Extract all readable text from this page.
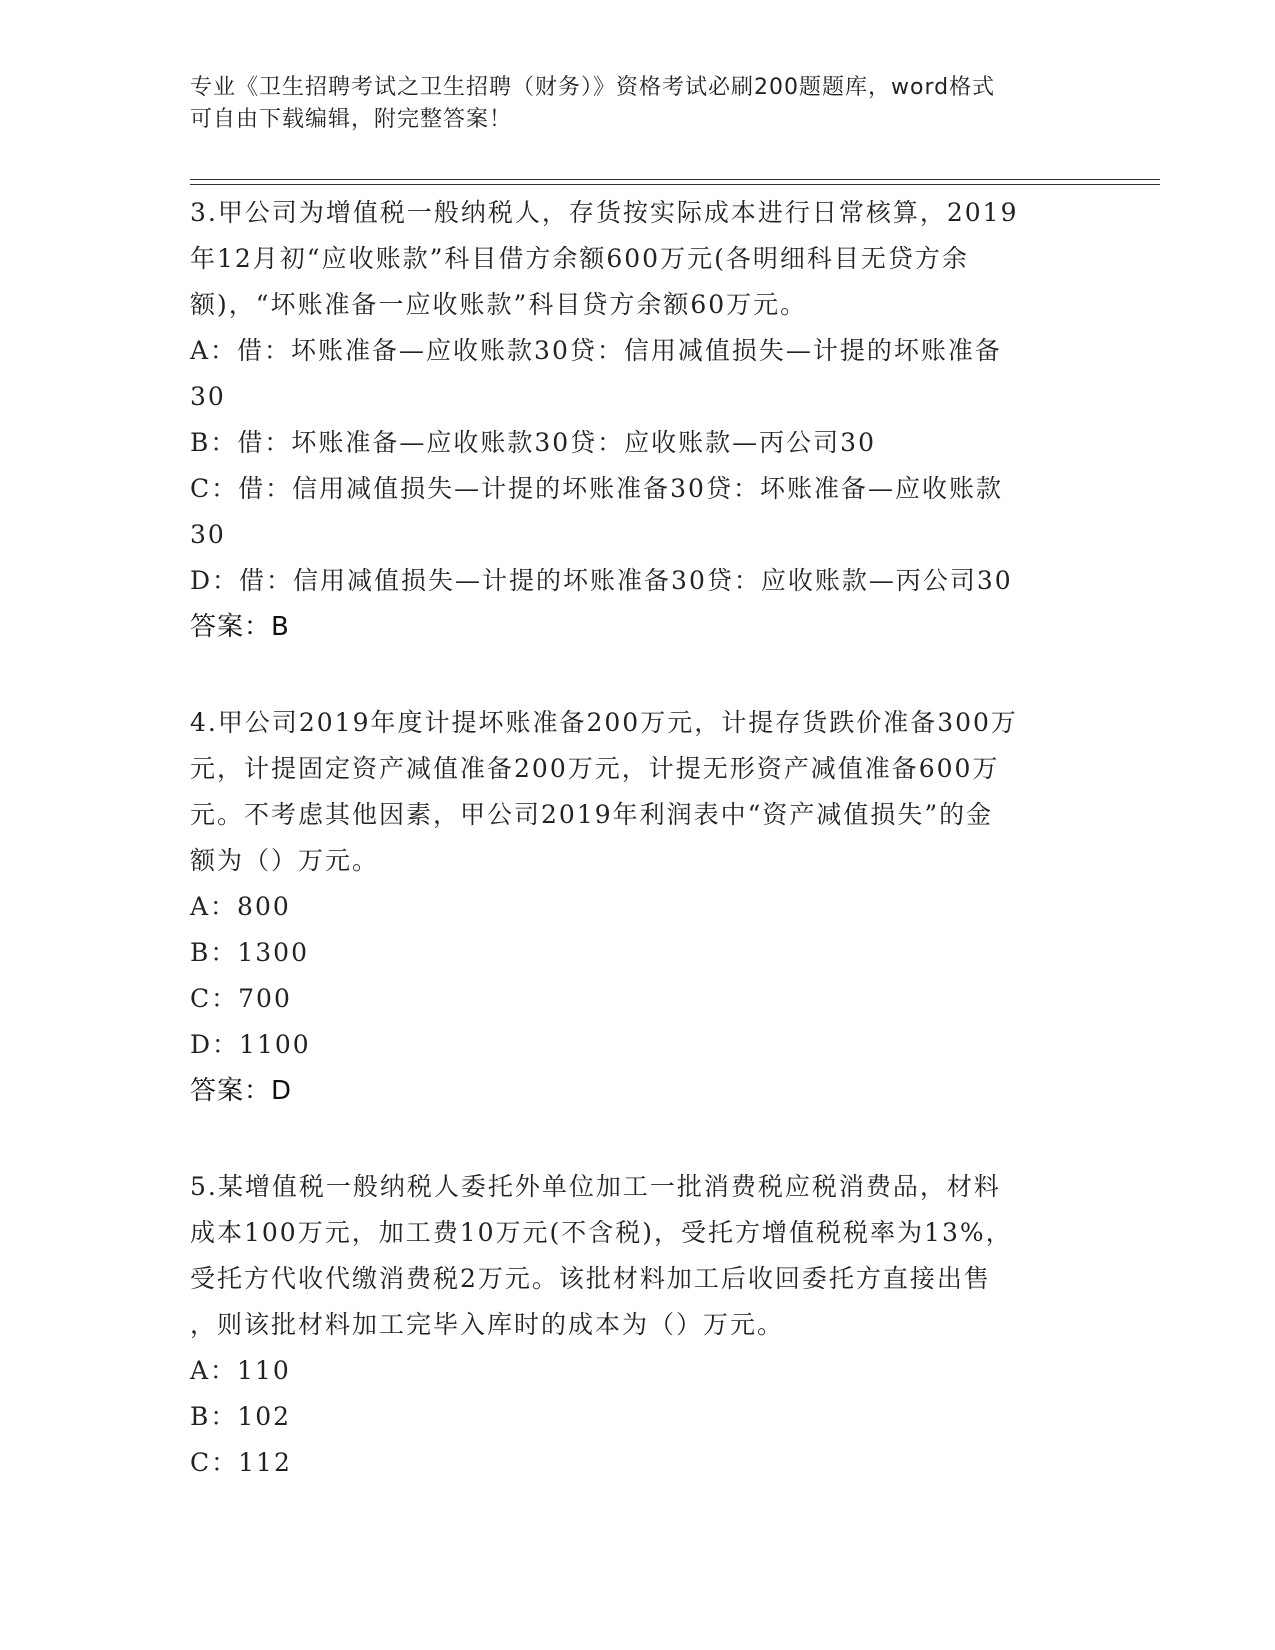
专业《卫生招聘考试之卫生招聘（财务）》资格考试必刷200题题库，word格式
可自由下载编辑，附完整答案！
3.甲公司为增值税一般纳税人，存货按实际成本进行日常核算，2019
年12月初“应收账款”科目借方余额600万元(各明细科目无贷方余
额)，“坏账准备一应收账款”科目贷方余额60万元。
A：借：坏账准备—应收账款30贷：信用减值损失—计提的坏账准备
30
B：借：坏账准备—应收账款30贷：应收账款—丙公司30
C：借：信用减值损失—计提的坏账准备30贷：坏账准备—应收账款
30
D：借：信用减值损失—计提的坏账准备30贷：应收账款—丙公司30
答案：B
4.甲公司2019年度计提坏账准备200万元，计提存货跌价准备300万
元，计提固定资产减值准备200万元，计提无形资产减值准备600万
元。不考虑其他因素，甲公司2019年利润表中“资产减值损失”的金
额为（）万元。
A：800
B：1300
C：700
D：1100
答案：D
5.某增值税一般纳税人委托外单位加工一批消费税应税消费品，材料
成本100万元，加工费10万元(不含税)，受托方增值税税率为13%，
受托方代收代缴消费税2万元。该批材料加工后收回委托方直接出售
，则该批材料加工完毕入库时的成本为（）万元。
A：110
B：102
C：112
